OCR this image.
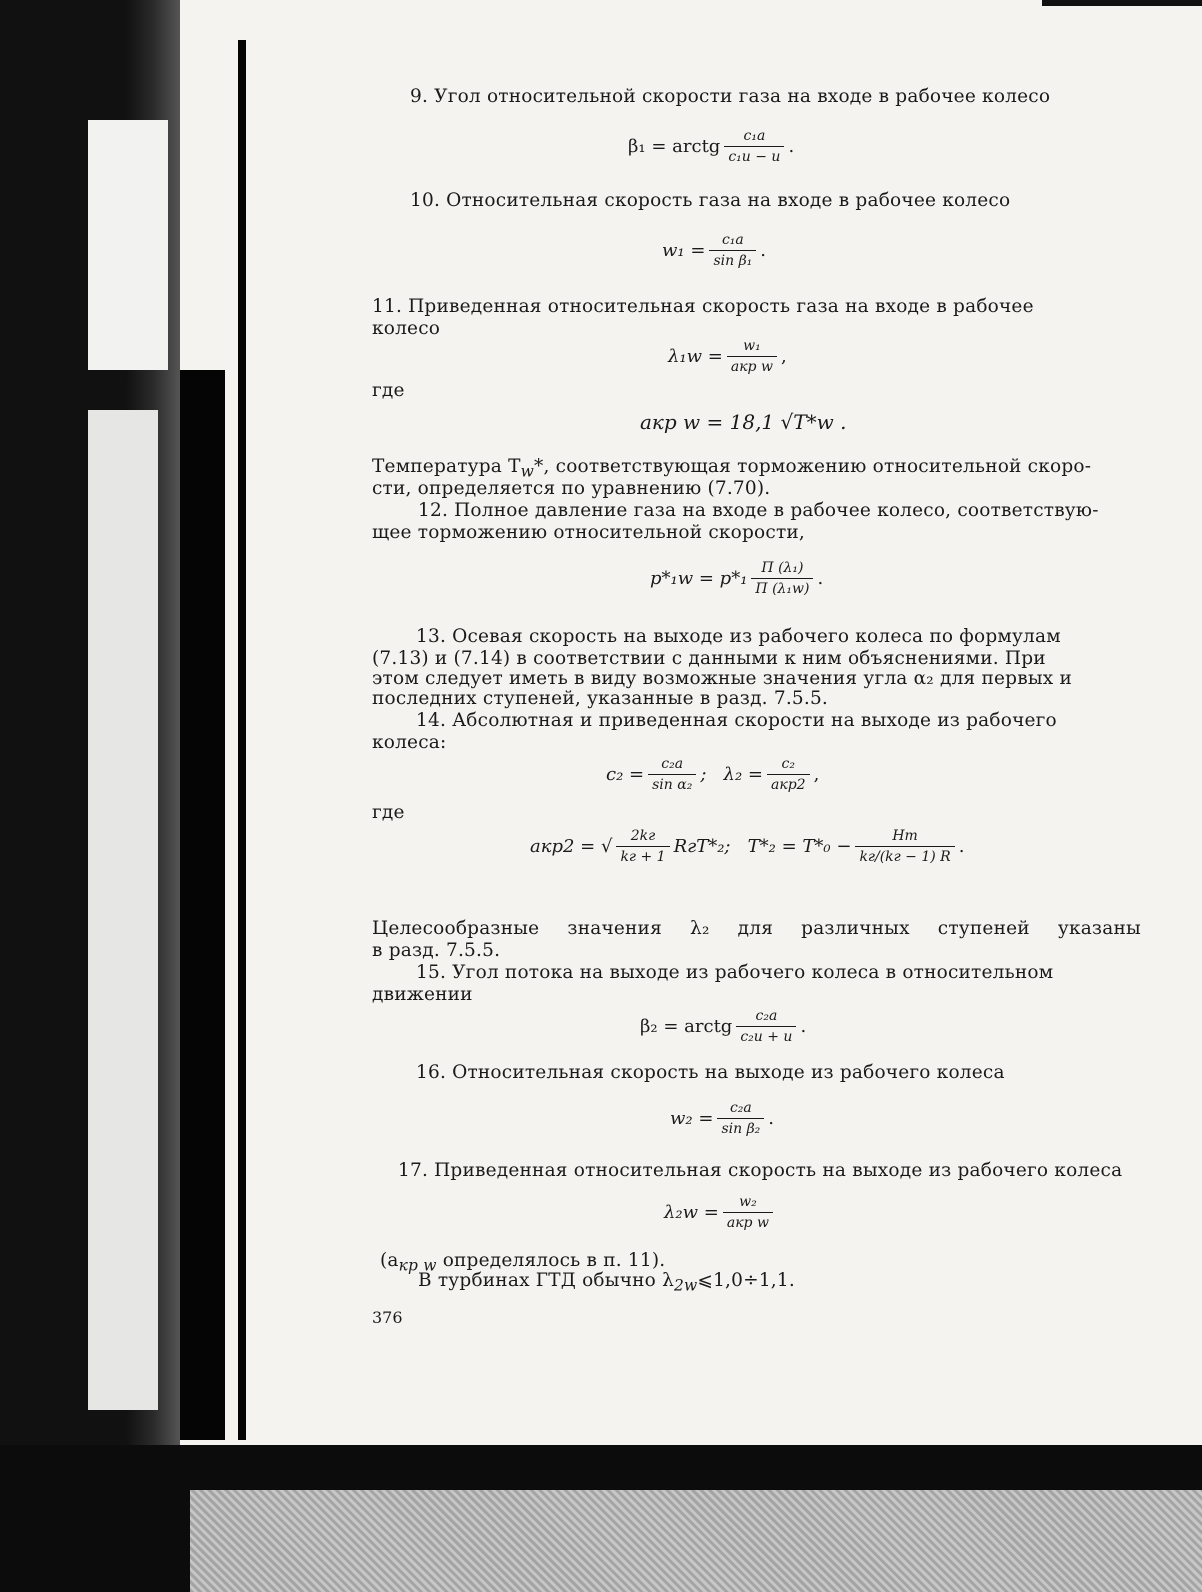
9. Угол относительной скорости газа на входе в рабочее колесо
β₁ = arctg $\frac{\text{c₁a}}{\text{c₁u − u}}$ .
10. Относительная скорость газа на входе в рабочее колесо
$w_1 = \frac{\text{c₁a}}{\text{sin β₁}}$ .
11. Приведенная относительная скорость газа на входе в рабочее
колесо
$\lambda_1w = \frac{\text{w₁}}{\text{aкр w}}$ ,
где
aкр w = 18,1 √T*w .
Температура $T_w*$, соответствующая торможению относительной скоро-
сти, определяется по уравнению (7.70).
12. Полное давление газа на входе в рабочее колесо, соответствую-
щее торможению относительной скорости,
$p*_1w = p*_1 \frac{\text{Π (λ₁)}}{\text{Π (λ₁w)}}$ .
13. Осевая скорость на выходе из рабочего колеса по формулам
(7.13) и (7.14) в соответствии с данными к ним объяснениями. При
этом следует иметь в виду возможные значения угла α₂ для первых и
последних ступеней, указанные в разд. 7.5.5.
14. Абсолютная и приведенная скорости на выходе из рабочего
колеса:
$c_2 = \frac{\text{c₂a}}{\text{sin α₂}}$ ;   $\lambda_2 = \frac{\text{c₂}}{\text{aкр2}}$ ,
где
aкр2 = √ $\frac{2kг}{kг + 1} RгT*_2$;   $T*_2 = T*_0 - \frac{Hт}{kг/(kг - 1) R}$ .
Целесообразные значения λ₂ для различных ступеней указаны
в разд. 7.5.5.
15. Угол потока на выходе из рабочего колеса в относительном
движении
β₂ = arctg $\frac{\text{c₂a}}{\text{c₂u + u}}$ .
16. Относительная скорость на выходе из рабочего колеса
$w_2 = \frac{\text{c₂a}}{\text{sin β₂}}$ .
17. Приведенная относительная скорость на выходе из рабочего колеса
$\lambda_2w = \frac{\text{w₂}}{\text{aкр w}}$
($a_{кр w}$ определялось в п. 11).
В турбинах ГТД обычно $\lambda_{2w}⩽1,0\div 1,1$.
376
